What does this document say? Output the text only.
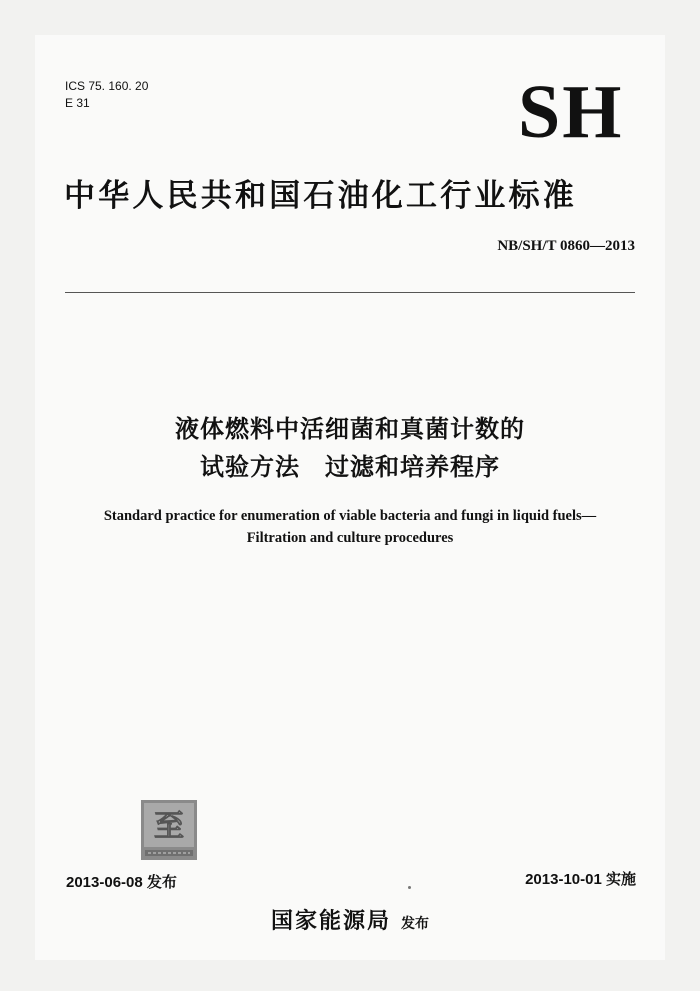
ICS 75. 160. 20
E 31	SH
中华人民共和国石油化工行业标准
NB/SH/T 0860—2013
液体燃料中活细菌和真菌计数的
试验方法　过滤和培养程序
Standard practice for enumeration of viable bacteria and fungi in liquid fuels—
Filtration and culture procedures
至
2013-06-08 发布	2013-10-01 实施
国家能源局 发布
